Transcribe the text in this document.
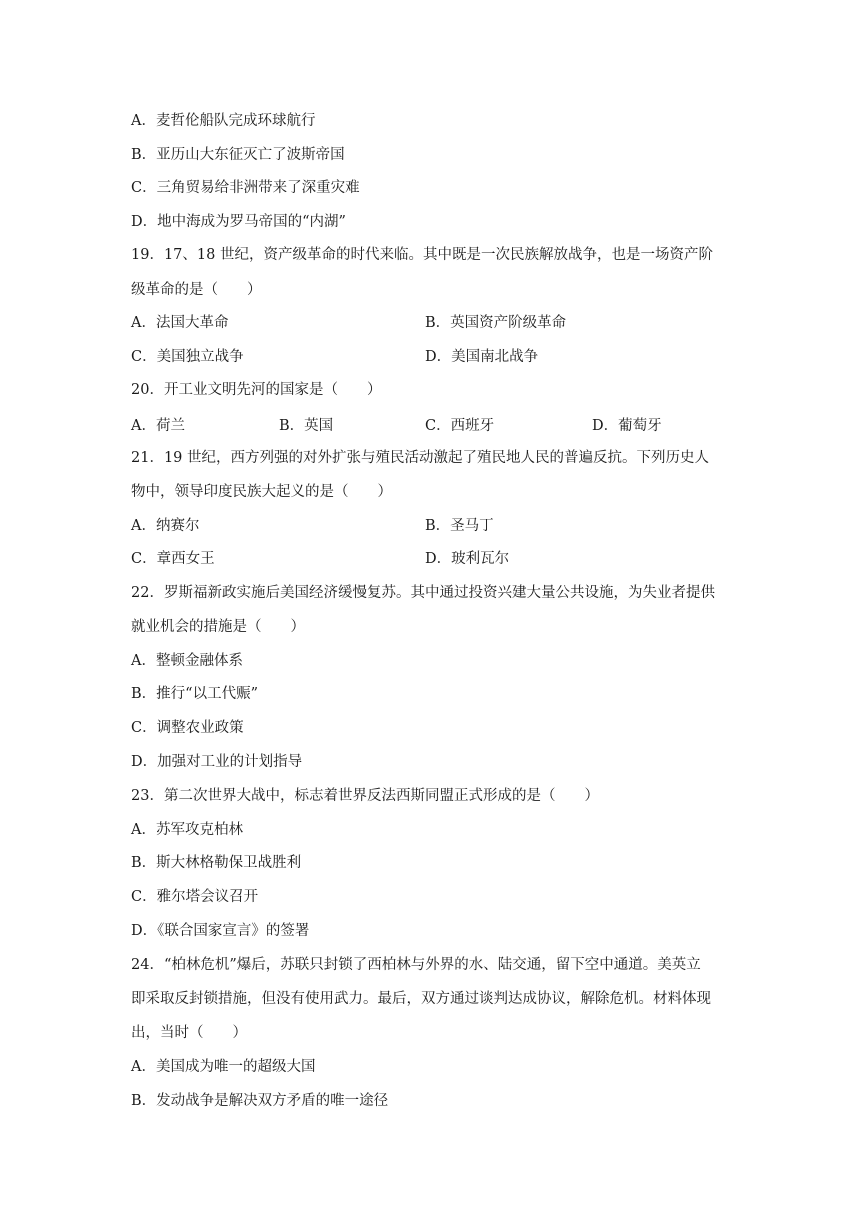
A．麦哲伦船队完成环球航行
B．亚历山大东征灭亡了波斯帝国
C．三角贸易给非洲带来了深重灾难
D．地中海成为罗马帝国的“内湖”
19．17、18 世纪，资产级革命的时代来临。其中既是一次民族解放战争，也是一场资产阶
级革命的是（　　）
A．法国大革命	B．英国资产阶级革命
C．美国独立战争	D．美国南北战争
20．开工业文明先河的国家是（　　）
A．荷兰	B．英国	C．西班牙	D．葡萄牙
21．19 世纪，西方列强的对外扩张与殖民活动激起了殖民地人民的普遍反抗。下列历史人
物中，领导印度民族大起义的是（　　）
A．纳赛尔	B．圣马丁
C．章西女王	D．玻利瓦尔
22．罗斯福新政实施后美国经济缓慢复苏。其中通过投资兴建大量公共设施，为失业者提供
就业机会的措施是（　　）
A．整顿金融体系
B．推行“以工代赈”
C．调整农业政策
D．加强对工业的计划指导
23．第二次世界大战中，标志着世界反法西斯同盟正式形成的是（　　）
A．苏军攻克柏林
B．斯大林格勒保卫战胜利
C．雅尔塔会议召开
D．《联合国家宣言》的签署
24．“柏林危机”爆后，苏联只封锁了西柏林与外界的水、陆交通，留下空中通道。美英立
即采取反封锁措施，但没有使用武力。最后，双方通过谈判达成协议，解除危机。材料体现
出，当时（　　）
A．美国成为唯一的超级大国
B．发动战争是解决双方矛盾的唯一途径
